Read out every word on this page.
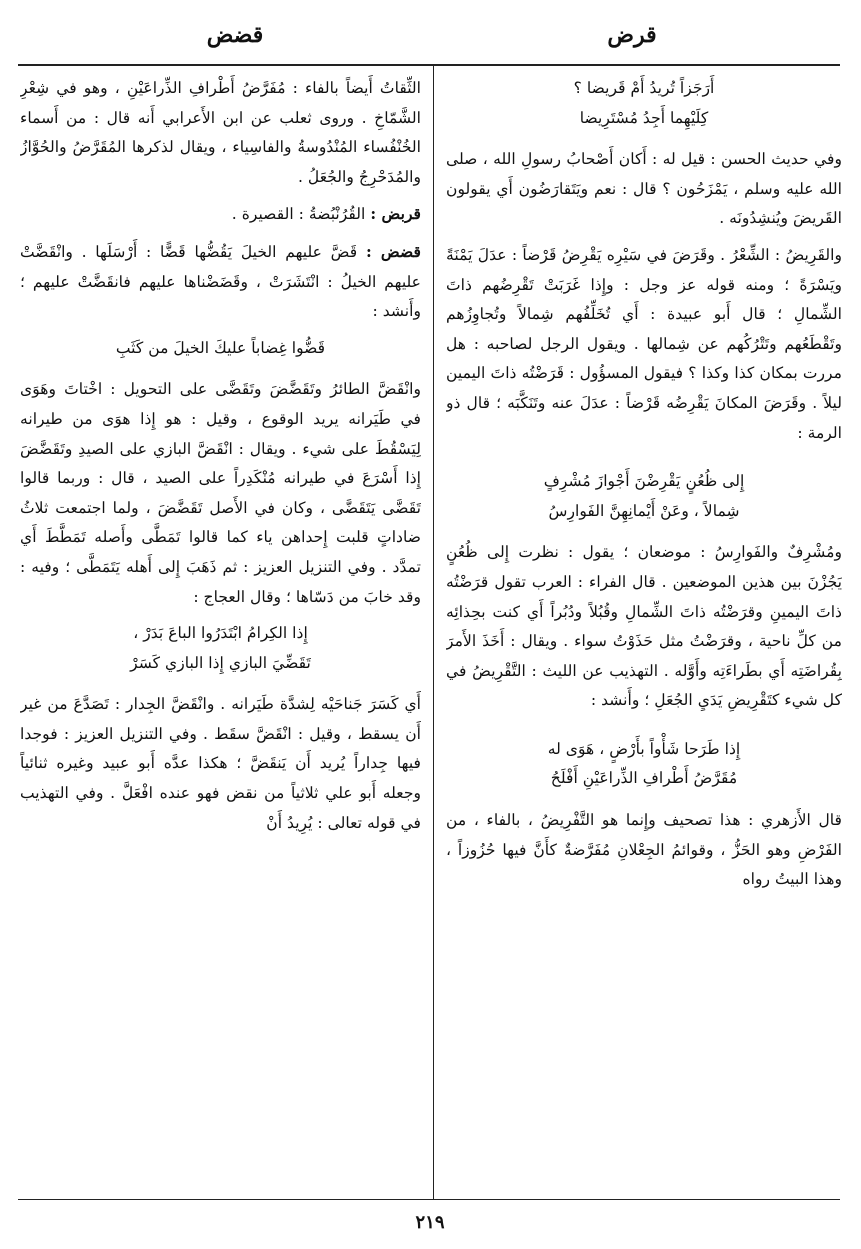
قرض
قضض

أَرَجَزاً تُريدُ أَمْ قَريضا ؟

كِلَيْهِما أَجِدُ مُسْتَرِيضا

وفي حديث الحسن : قيل له : أَكان أَصْحابُ رسولِ الله ، صلى الله عليه وسلم ، يَمْزَحُون ؟ قال : نعم ويَتَقارَضُون أَي يقولون القَريضَ ويُنشِدُونَه .

والقَرِيضُ : الشِّعْرُ . وقَرَضَ في سَيْرِه يَقْرِضُ قَرْضاً : عدَلَ يَمْنَةً ويَسْرَةً ؛ ومنه قوله عز وجل : وإِذا غَرَبَتْ تَقْرِضُهم ذاتَ الشِّمالِ ؛ قال أَبو عبيدة : أَي تُخَلِّفُهم شِمالاً وتُجاوِزُهم وتَقْطَعُهم وتَتْرُكُهم عن شِمالها . ويقول الرجل لصاحبه : هل مررت بمكان كذا وكذا ؟ فيقول المسؤُول : قَرَضْتُه ذاتَ اليمين ليلاً . وقَرَضَ المكانَ يَقْرِضُه قَرْضاً : عدَلَ عنه وتَنَكَّبَه ؛ قال ذو الرمة :

إِلى ظُعُنٍ يَقْرِضْنَ أَجْوازَ مُشْرِفٍ

شِمالاً ، وعَنْ أَيْمانِهِنَّ الفَوارِسُ

ومُشْرِفٌ والفَوارِسُ : موضعان ؛ يقول : نظرت إِلى ظُعُنٍ يَجُزْنَ بين هذين الموضعين . قال الفراء : العرب تقول قرَضْتُه ذاتَ اليمينِ وقرَضْتُه ذاتَ الشِّمالِ وقُبُلاً ودُبُراً أَي كنت بحِذائِه من كلِّ ناحية ، وقرَضْتُ مثل حَذَوْتُ سواء . ويقال : أَخَذَ الأَمرَ بِقُراضَتِه أَي بطَراءَتِه وأَوَّله . التهذيب عن الليث : التَّقْرِيضُ في كل شيء كتَقْرِيضِ يَدَيِ الجُعَلِ ؛ وأَنشد :

إِذا طَرَحا شَأْواً بأَرْضٍ ، هَوَى له

مُقَرَّضُ أَطْرافِ الذِّراعَيْنِ أَفْلَحُ

قال الأَزهري : هذا تصحيف وإِنما هو التَّفْرِيضُ ، بالفاء ، من الفَرْضِ وهو الحَزُّ ، وقوائمُ الجِعْلانِ مُفَرَّضةٌ كأَنَّ فيها حُزُوزاً ، وهذا البيتُ رواه

الثِّقاتُ أَيضاً بالفاء : مُفَرَّضُ أَطْرافِ الذِّراعَيْنِ ، وهو في شِعْرِ الشَّمّاخِ . وروى ثعلب عن ابن الأَعرابي أَنه قال : من أَسماء الخُنْفُساء المُنْدُوسةُ والفاسِياء ، ويقال لذكرها المُقَرَّضُ والحُوَّازُ والمُدَحْرِجُ والجُعَلُ .

قربض : القُرُنْبُضةُ : القصيرة .

قضض : قَضَّ عليهم الخيلَ يَقُضُّها قَضًّا : أَرْسَلَها . وانْقَضَّتْ عليهم الخيلُ : انْتَشَرَتْ ، وقَضَضْناها عليهم فانقَضَّتْ عليهم ؛ وأَنشد :

قَضُّوا غِضاباً عليكَ الخيلَ من كَثَبِ

وانْقَضَّ الطائرُ وتَقَضَّضَ وتَقَضَّى على التحويل : اخْتاتَ وهَوَى في طَيَرانه يريد الوقوع ، وقيل : هو إِذا هوَى من طيرانه لِيَسْقُطَ على شيء . ويقال : انْقَضَّ البازي على الصيدِ وتَقَضَّضَ إِذا أَسْرَعَ في طيرانه مُنْكَدِراً على الصيد ، قال : وربما قالوا تَقَضَّى يَتَقَضَّى ، وكان في الأَصل تَقَضَّضَ ، ولما اجتمعت ثلاثُ ضاداتٍ قلبت إِحداهن ياء كما قالوا تَمَطَّى وأَصله تَمَطَّطَ أَي تمدَّد . وفي التنزيل العزيز : ثم ذَهَبَ إِلى أَهله يَتَمَطَّى ؛ وفيه : وقد خابَ من دَسّاها ؛ وقال العجاج :

إِذا الكِرامُ ابْتَدَرُوا الباعَ بَدَرْ ،

تَقَضِّيَ البازي إِذا البازي كَسَرْ

أَي كَسَرَ جَناحَيْه لِشدَّة طَيَرانه . وانْقَضَّ الجِدار : تَصَدَّعَ من غير أَن يسقط ، وقيل : انْقَضَّ سقَط . وفي التنزيل العزيز : فوجدا فيها جِداراً يُريد أَن يَنقَضَّ ؛ هكذا عدَّه أَبو عبيد وغيره ثنائياً وجعله أَبو علي ثلاثياً من نقض فهو عنده افْعَلَّ . وفي التهذيب في قوله تعالى : يُرِيدُ أَنْ

٢١٩
